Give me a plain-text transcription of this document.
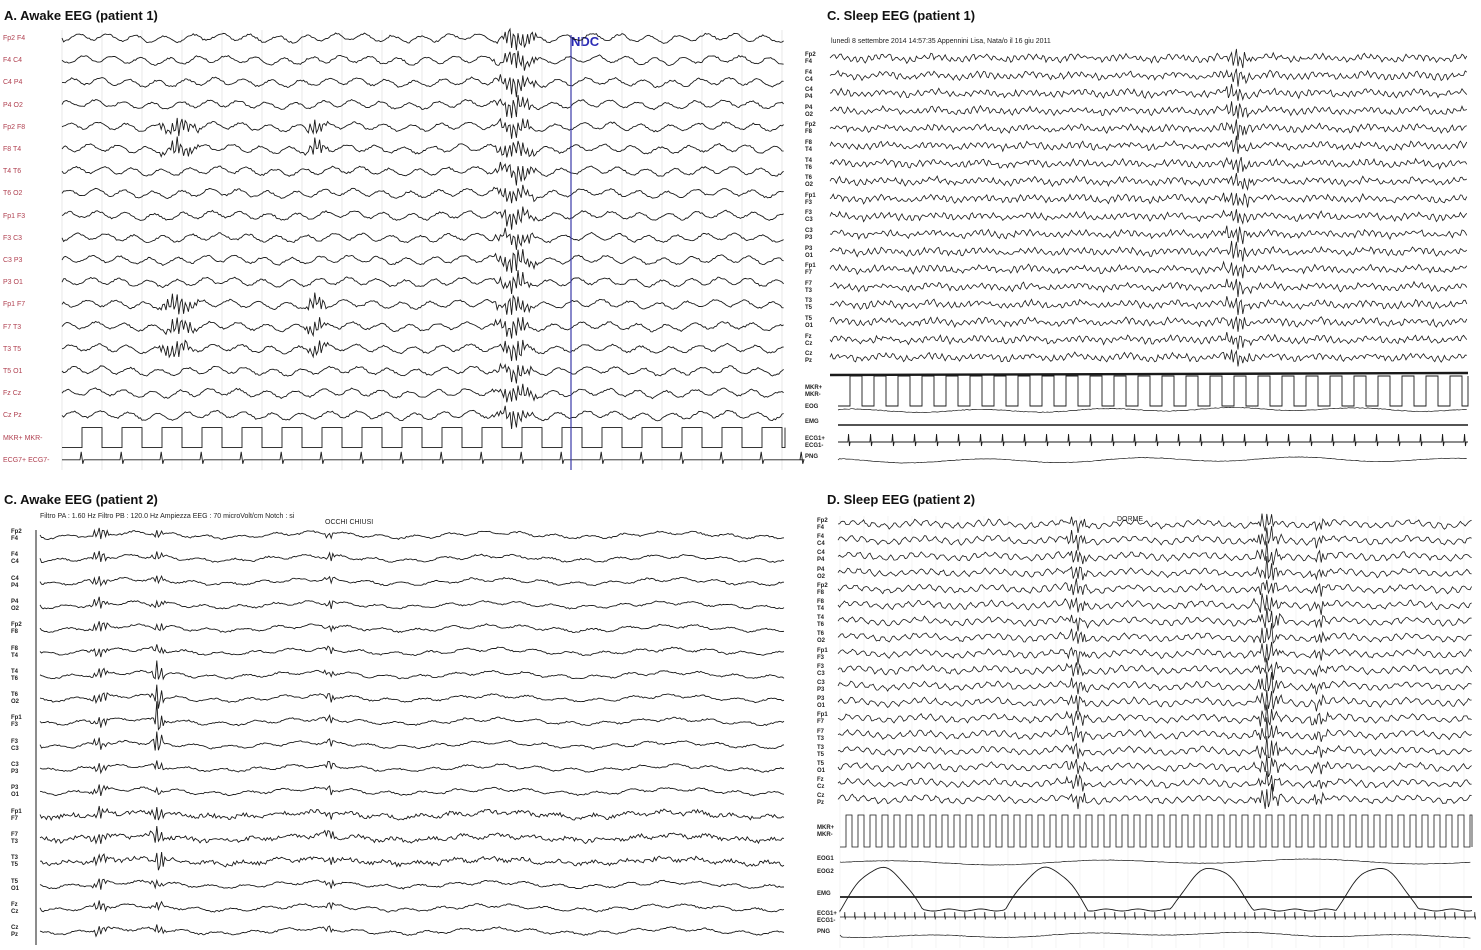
A. Awake EEG (patient 1)
NDC
Fp2 F4
F4 C4
C4 P4
P4 O2
Fp2 F8
F8 T4
T4 T6
T6 O2
Fp1 F3
F3 C3
C3 P3
P3 O1
Fp1 F7
F7 T3
T3 T5
T5 O1
Fz Cz
Cz Pz
MKR+ MKR-
ECG7+ ECG7-
C. Sleep EEG (patient 1)
lunedì 8 settembre 2014 14:57:35 Appennini Lisa, Nata/o il 16 giu 2011
Fp2
F4
F4
C4
C4
P4
P4
O2
Fp2
F8
F8
T4
T4
T6
T6
O2
Fp1
F3
F3
C3
C3
P3
P3
O1
Fp1
F7
F7
T3
T3
T5
T5
O1
Fz
Cz
Cz
Pz
MKR+
MKR-
EOG
EMG
ECG1+
ECG1-
PNG
C. Awake EEG (patient 2)
Filtro PA : 1.60 Hz Filtro PB : 120.0 Hz Ampiezza EEG : 70 microVolt/cm Notch : si
OCCHI CHIUSI
Fp2
F4
F4
C4
C4
P4
P4
O2
Fp2
F8
F8
T4
T4
T6
T6
O2
Fp1
F3
F3
C3
C3
P3
P3
O1
Fp1
F7
F7
T3
T3
T5
T5
O1
Fz
Cz
Cz
Pz
D. Sleep EEG (patient 2)
DORME
Fp2
F4
F4
C4
C4
P4
P4
O2
Fp2
F8
F8
T4
T4
T6
T6
O2
Fp1
F3
F3
C3
C3
P3
P3
O1
Fp1
F7
F7
T3
T3
T5
T5
O1
Fz
Cz
Cz
Pz
MKR+
MKR-
EOG1
EOG2
EMG
ECG1+
ECG1-
PNG
